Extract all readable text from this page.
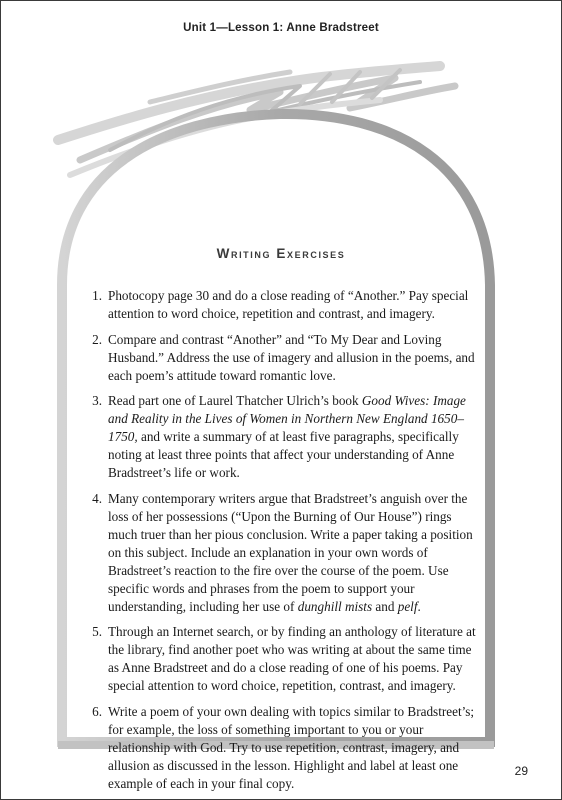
Unit 1—Lesson 1: Anne Bradstreet
Writing Exercises
1. Photocopy page 30 and do a close reading of “Another.” Pay special attention to word choice, repetition and contrast, and imagery.
2. Compare and contrast “Another” and “To My Dear and Loving Husband.” Address the use of imagery and allusion in the poems, and each poem’s attitude toward romantic love.
3. Read part one of Laurel Thatcher Ulrich’s book Good Wives: Image and Reality in the Lives of Women in Northern New England 1650–1750, and write a summary of at least five paragraphs, specifically noting at least three points that affect your understanding of Anne Bradstreet’s life or work.
4. Many contemporary writers argue that Bradstreet’s anguish over the loss of her possessions (“Upon the Burning of Our House”) rings much truer than her pious conclusion. Write a paper taking a position on this subject. Include an explanation in your own words of Bradstreet’s reaction to the fire over the course of the poem. Use specific words and phrases from the poem to support your understanding, including her use of dunghill mists and pelf.
5. Through an Internet search, or by finding an anthology of literature at the library, find another poet who was writing at about the same time as Anne Bradstreet and do a close reading of one of his poems. Pay special attention to word choice, repetition, contrast, and imagery.
6. Write a poem of your own dealing with topics similar to Bradstreet’s; for example, the loss of something important to you or your relationship with God. Try to use repetition, contrast, imagery, and allusion as discussed in the lesson. Highlight and label at least one example of each in your final copy.
29
